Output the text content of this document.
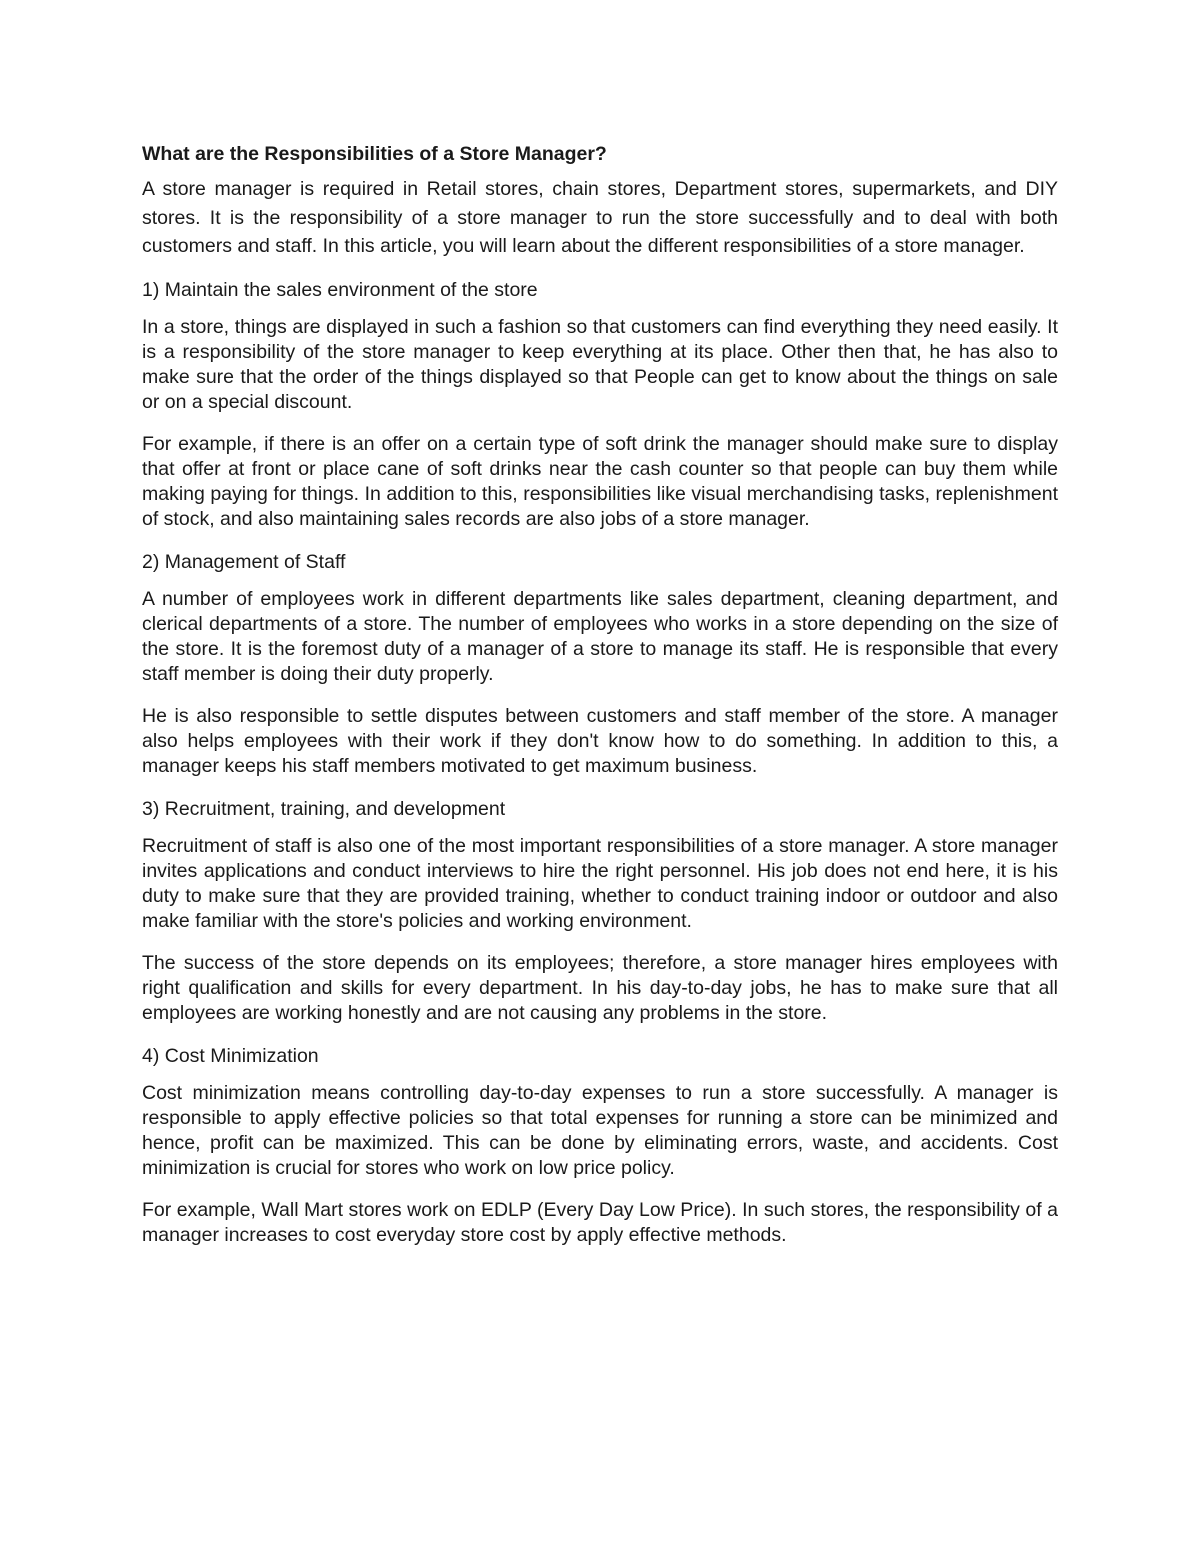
What are the Responsibilities of a Store Manager?
A store manager is required in Retail stores, chain stores, Department stores, supermarkets, and DIY stores. It is the responsibility of a store manager to run the store successfully and to deal with both customers and staff. In this article, you will learn about the different responsibilities of a store manager.
1) Maintain the sales environment of the store

In a store, things are displayed in such a fashion so that customers can find everything they need easily. It is a responsibility of the store manager to keep everything at its place. Other then that, he has also to make sure that the order of the things displayed so that People can get to know about the things on sale or on a special discount.

For example, if there is an offer on a certain type of soft drink the manager should make sure to display that offer at front or place cane of soft drinks near the cash counter so that people can buy them while making paying for things. In addition to this, responsibilities like visual merchandising tasks, replenishment of stock, and also maintaining sales records are also jobs of a store manager.

2) Management of Staff

A number of employees work in different departments like sales department, cleaning department, and clerical departments of a store. The number of employees who works in a store depending on the size of the store. It is the foremost duty of a manager of a store to manage its staff. He is responsible that every staff member is doing their duty properly.

He is also responsible to settle disputes between customers and staff member of the store. A manager also helps employees with their work if they don't know how to do something. In addition to this, a manager keeps his staff members motivated to get maximum business.

3) Recruitment, training, and development

Recruitment of staff is also one of the most important responsibilities of a store manager. A store manager invites applications and conduct interviews to hire the right personnel. His job does not end here, it is his duty to make sure that they are provided training, whether to conduct training indoor or outdoor and also make familiar with the store's policies and working environment.

The success of the store depends on its employees; therefore, a store manager hires employees with right qualification and skills for every department. In his day-to-day jobs, he has to make sure that all employees are working honestly and are not causing any problems in the store.

4) Cost Minimization

Cost minimization means controlling day-to-day expenses to run a store successfully. A manager is responsible to apply effective policies so that total expenses for running a store can be minimized and hence, profit can be maximized. This can be done by eliminating errors, waste, and accidents. Cost minimization is crucial for stores who work on low price policy.

For example, Wall Mart stores work on EDLP (Every Day Low Price). In such stores, the responsibility of a manager increases to cost everyday store cost by apply effective methods.
